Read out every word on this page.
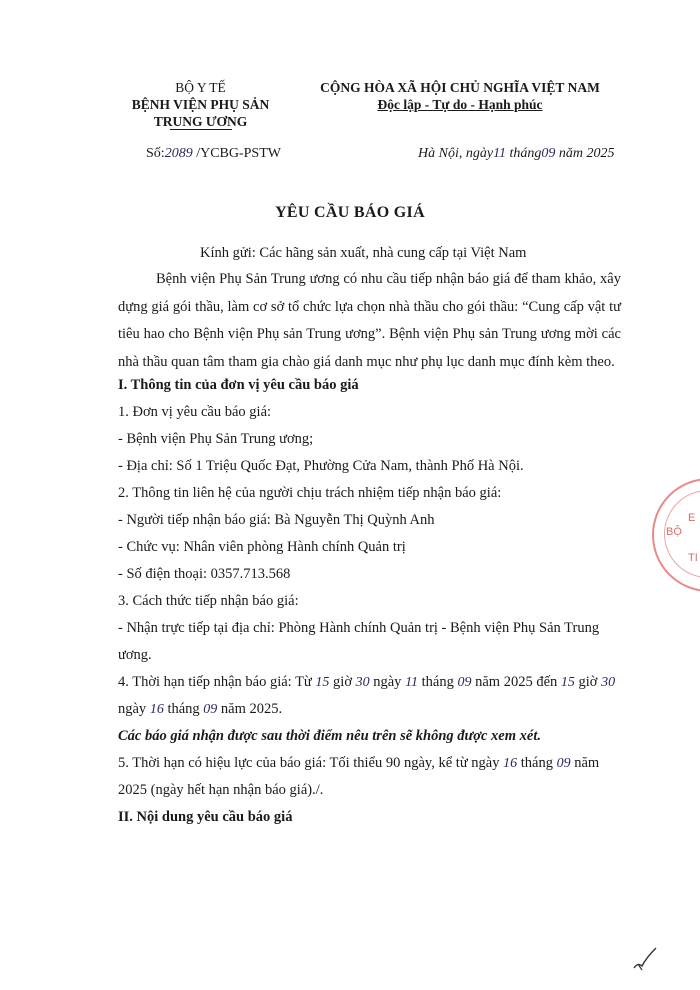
BỘ Y TẾ
BỆNH VIỆN PHỤ SẢN
TRUNG ƯƠNG
CỘNG HÒA XÃ HỘI CHỦ NGHĨA VIỆT NAM
Độc lập - Tự do - Hạnh phúc
Số:2089 /YCBG-PSTW	Hà Nội, ngày11 tháng09 năm 2025
YÊU CẦU BÁO GIÁ
Kính gửi: Các hãng sản xuất, nhà cung cấp tại Việt Nam
Bệnh viện Phụ Sản Trung ương có nhu cầu tiếp nhận báo giá để tham khảo, xây dựng giá gói thầu, làm cơ sở tổ chức lựa chọn nhà thầu cho gói thầu: “Cung cấp vật tư tiêu hao cho Bệnh viện Phụ sản Trung ương”. Bệnh viện Phụ sản Trung ương mời các nhà thầu quan tâm tham gia chào giá danh mục như phụ lục danh mục đính kèm theo.
I. Thông tin của đơn vị yêu cầu báo giá
1. Đơn vị yêu cầu báo giá:
- Bệnh viện Phụ Sản Trung ương;
- Địa chỉ: Số 1 Triệu Quốc Đạt, Phường Cửa Nam, thành Phố Hà Nội.
2. Thông tin liên hệ của người chịu trách nhiệm tiếp nhận báo giá:
- Người tiếp nhận báo giá: Bà Nguyễn Thị Quỳnh Anh
- Chức vụ: Nhân viên phòng Hành chính Quản trị
- Số điện thoại: 0357.713.568
3. Cách thức tiếp nhận báo giá:
- Nhận trực tiếp tại địa chỉ: Phòng Hành chính Quản trị - Bệnh viện Phụ Sản Trung
ương.
4. Thời hạn tiếp nhận báo giá: Từ 15 giờ 30 ngày 11 tháng 09 năm 2025 đến 15 giờ 30
ngày 16 tháng 09 năm 2025.
Các báo giá nhận được sau thời điểm nêu trên sẽ không được xem xét.
5. Thời hạn có hiệu lực của báo giá: Tối thiểu 90 ngày, kể từ ngày 16 tháng 09 năm
2025 (ngày hết hạn nhận báo giá)./.
II. Nội dung yêu cầu báo giá
BỘ
E
TI
